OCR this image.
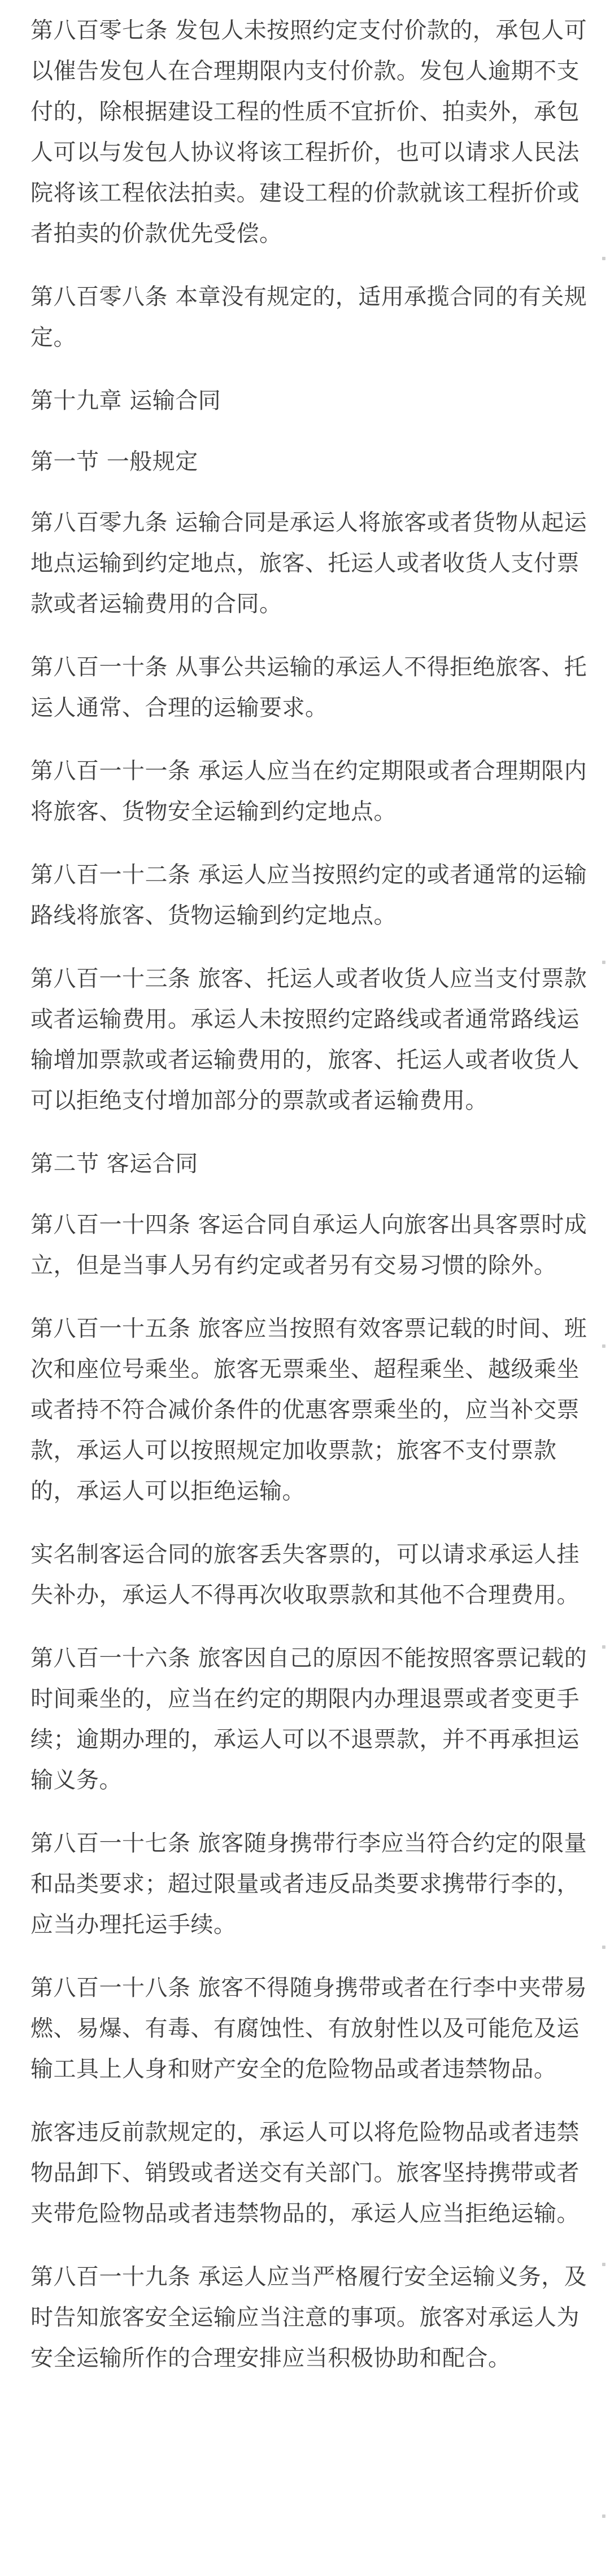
第八百零七条 发包人未按照约定支付价款的，承包人可以催告发包人在合理期限内支付价款。发包人逾期不支付的，除根据建设工程的性质不宜折价、拍卖外，承包人可以与发包人协议将该工程折价，也可以请求人民法院将该工程依法拍卖。建设工程的价款就该工程折价或者拍卖的价款优先受偿。

第八百零八条 本章没有规定的，适用承揽合同的有关规定。

第十九章 运输合同

第一节 一般规定

第八百零九条 运输合同是承运人将旅客或者货物从起运地点运输到约定地点，旅客、托运人或者收货人支付票款或者运输费用的合同。

第八百一十条 从事公共运输的承运人不得拒绝旅客、托运人通常、合理的运输要求。

第八百一十一条 承运人应当在约定期限或者合理期限内将旅客、货物安全运输到约定地点。

第八百一十二条 承运人应当按照约定的或者通常的运输路线将旅客、货物运输到约定地点。

第八百一十三条 旅客、托运人或者收货人应当支付票款或者运输费用。承运人未按照约定路线或者通常路线运输增加票款或者运输费用的，旅客、托运人或者收货人可以拒绝支付增加部分的票款或者运输费用。

第二节 客运合同

第八百一十四条 客运合同自承运人向旅客出具客票时成立，但是当事人另有约定或者另有交易习惯的除外。

第八百一十五条 旅客应当按照有效客票记载的时间、班次和座位号乘坐。旅客无票乘坐、超程乘坐、越级乘坐或者持不符合减价条件的优惠客票乘坐的，应当补交票款，承运人可以按照规定加收票款；旅客不支付票款的，承运人可以拒绝运输。

实名制客运合同的旅客丢失客票的，可以请求承运人挂失补办，承运人不得再次收取票款和其他不合理费用。

第八百一十六条 旅客因自己的原因不能按照客票记载的时间乘坐的，应当在约定的期限内办理退票或者变更手续；逾期办理的，承运人可以不退票款，并不再承担运输义务。

第八百一十七条 旅客随身携带行李应当符合约定的限量和品类要求；超过限量或者违反品类要求携带行李的，应当办理托运手续。

第八百一十八条 旅客不得随身携带或者在行李中夹带易燃、易爆、有毒、有腐蚀性、有放射性以及可能危及运输工具上人身和财产安全的危险物品或者违禁物品。

旅客违反前款规定的，承运人可以将危险物品或者违禁物品卸下、销毁或者送交有关部门。旅客坚持携带或者夹带危险物品或者违禁物品的，承运人应当拒绝运输。

第八百一十九条 承运人应当严格履行安全运输义务，及时告知旅客安全运输应当注意的事项。旅客对承运人为安全运输所作的合理安排应当积极协助和配合。
